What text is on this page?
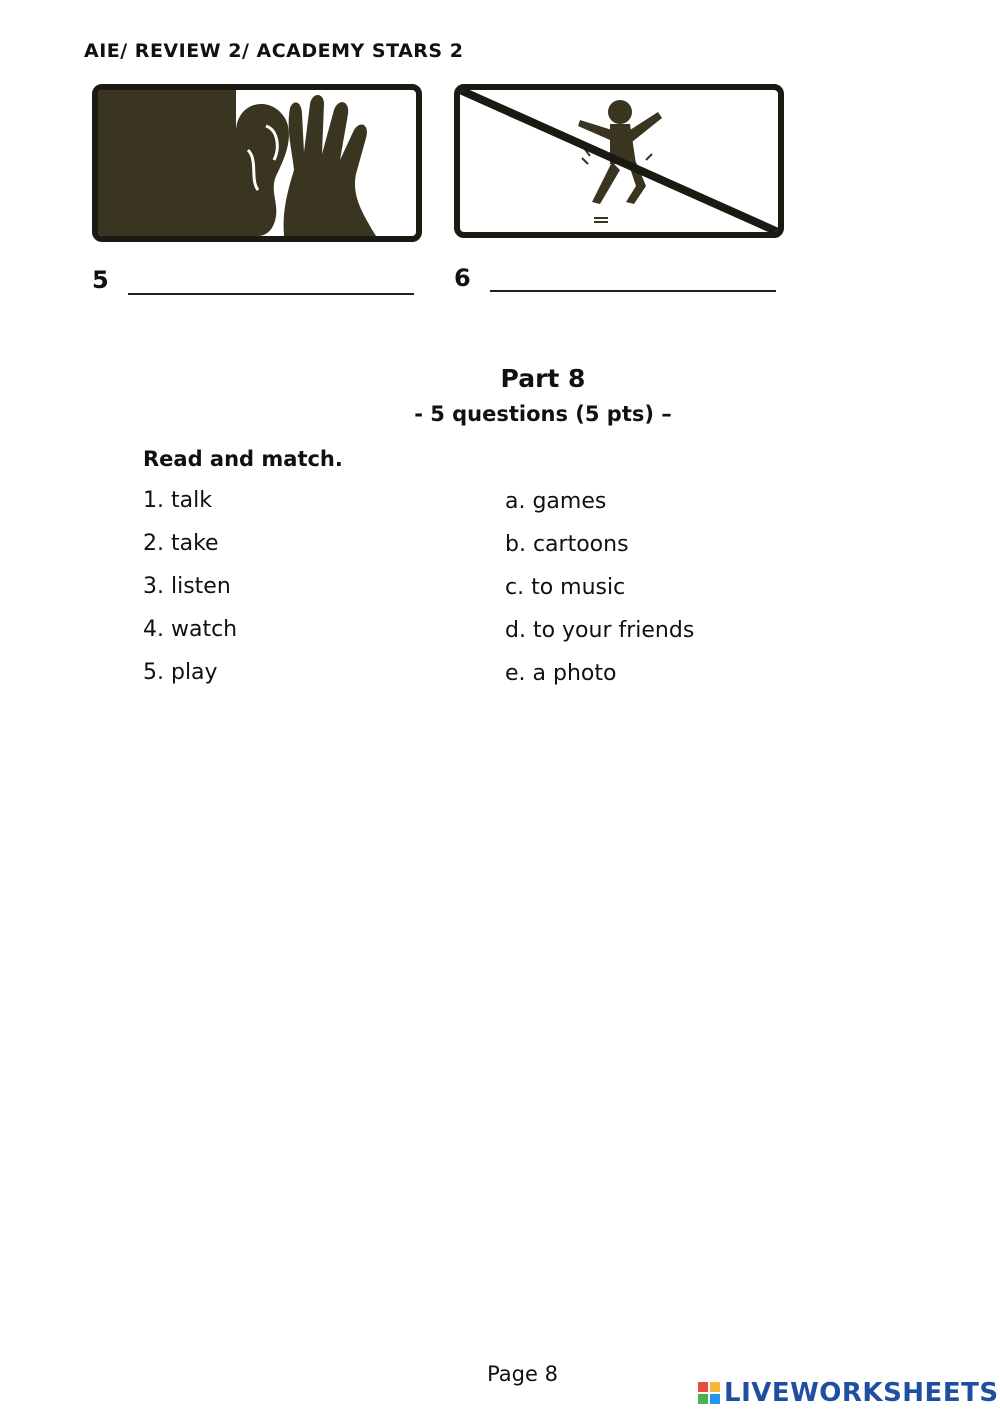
AIE/ REVIEW 2/ ACADEMY STARS 2
5	6
Part 8
- 5 questions (5 pts) –
Read and match.
1. talk
2. take
3. listen
4. watch
5. play
a. games
b. cartoons
c. to music
d. to your friends
e. a photo
Page 8
LIVEWORKSHEETS
